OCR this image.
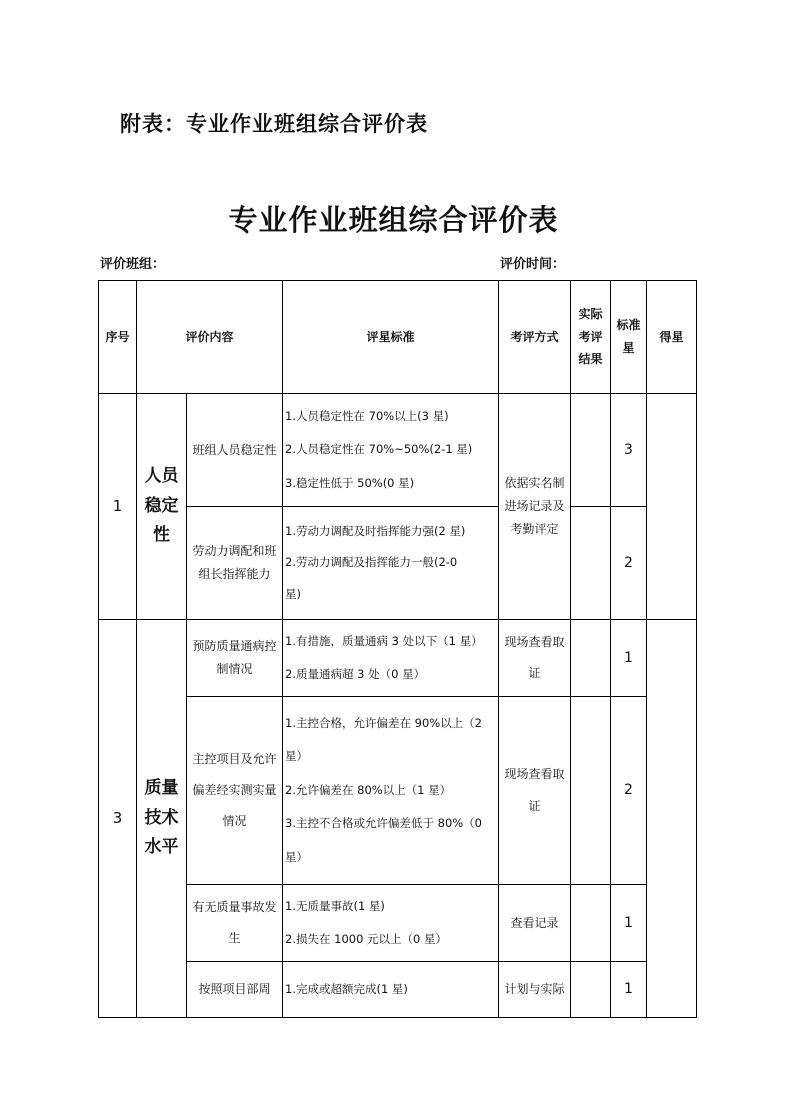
附表：专业作业班组综合评价表
专业作业班组综合评价表
评价班组：	评价时间：
序号	评价内容		评星标准	考评方式	实际
考评
结果	标准
星	得星
1	人员
稳定
性	班组人员稳定性	1.人员稳定性在 70%以上(3 星)
2.人员稳定性在 70%~50%(2-1 星)
3.稳定性低于 50%(0 星)	依据实名制
进场记录及
考勤评定		3	

		劳动力调配和班
组长指挥能力	1.劳动力调配及时指挥能力强(2 星)
2.劳动力调配及指挥能力一般(2-0
星)			2	
3	质量
技术
水平	预防质量通病控
制情况	1.有措施，质量通病 3 处以下（1 星）
2.质量通病超 3 处（0 星）	现场查看取
证		1	

		主控项目及允许
偏差经实测实量
情况	1.主控合格，允许偏差在 90%以上（2
星）
2.允许偏差在 80%以上（1 星）
3.主控不合格或允许偏差低于 80%（0
星）	现场查看取
证		2	

		有无质量事故发
生	1.无质量事故(1 星)
2.损失在 1000 元以上（0 星）	查看记录		1	

		按照项目部周	1.完成或超额完成(1 星)	计划与实际		1	
